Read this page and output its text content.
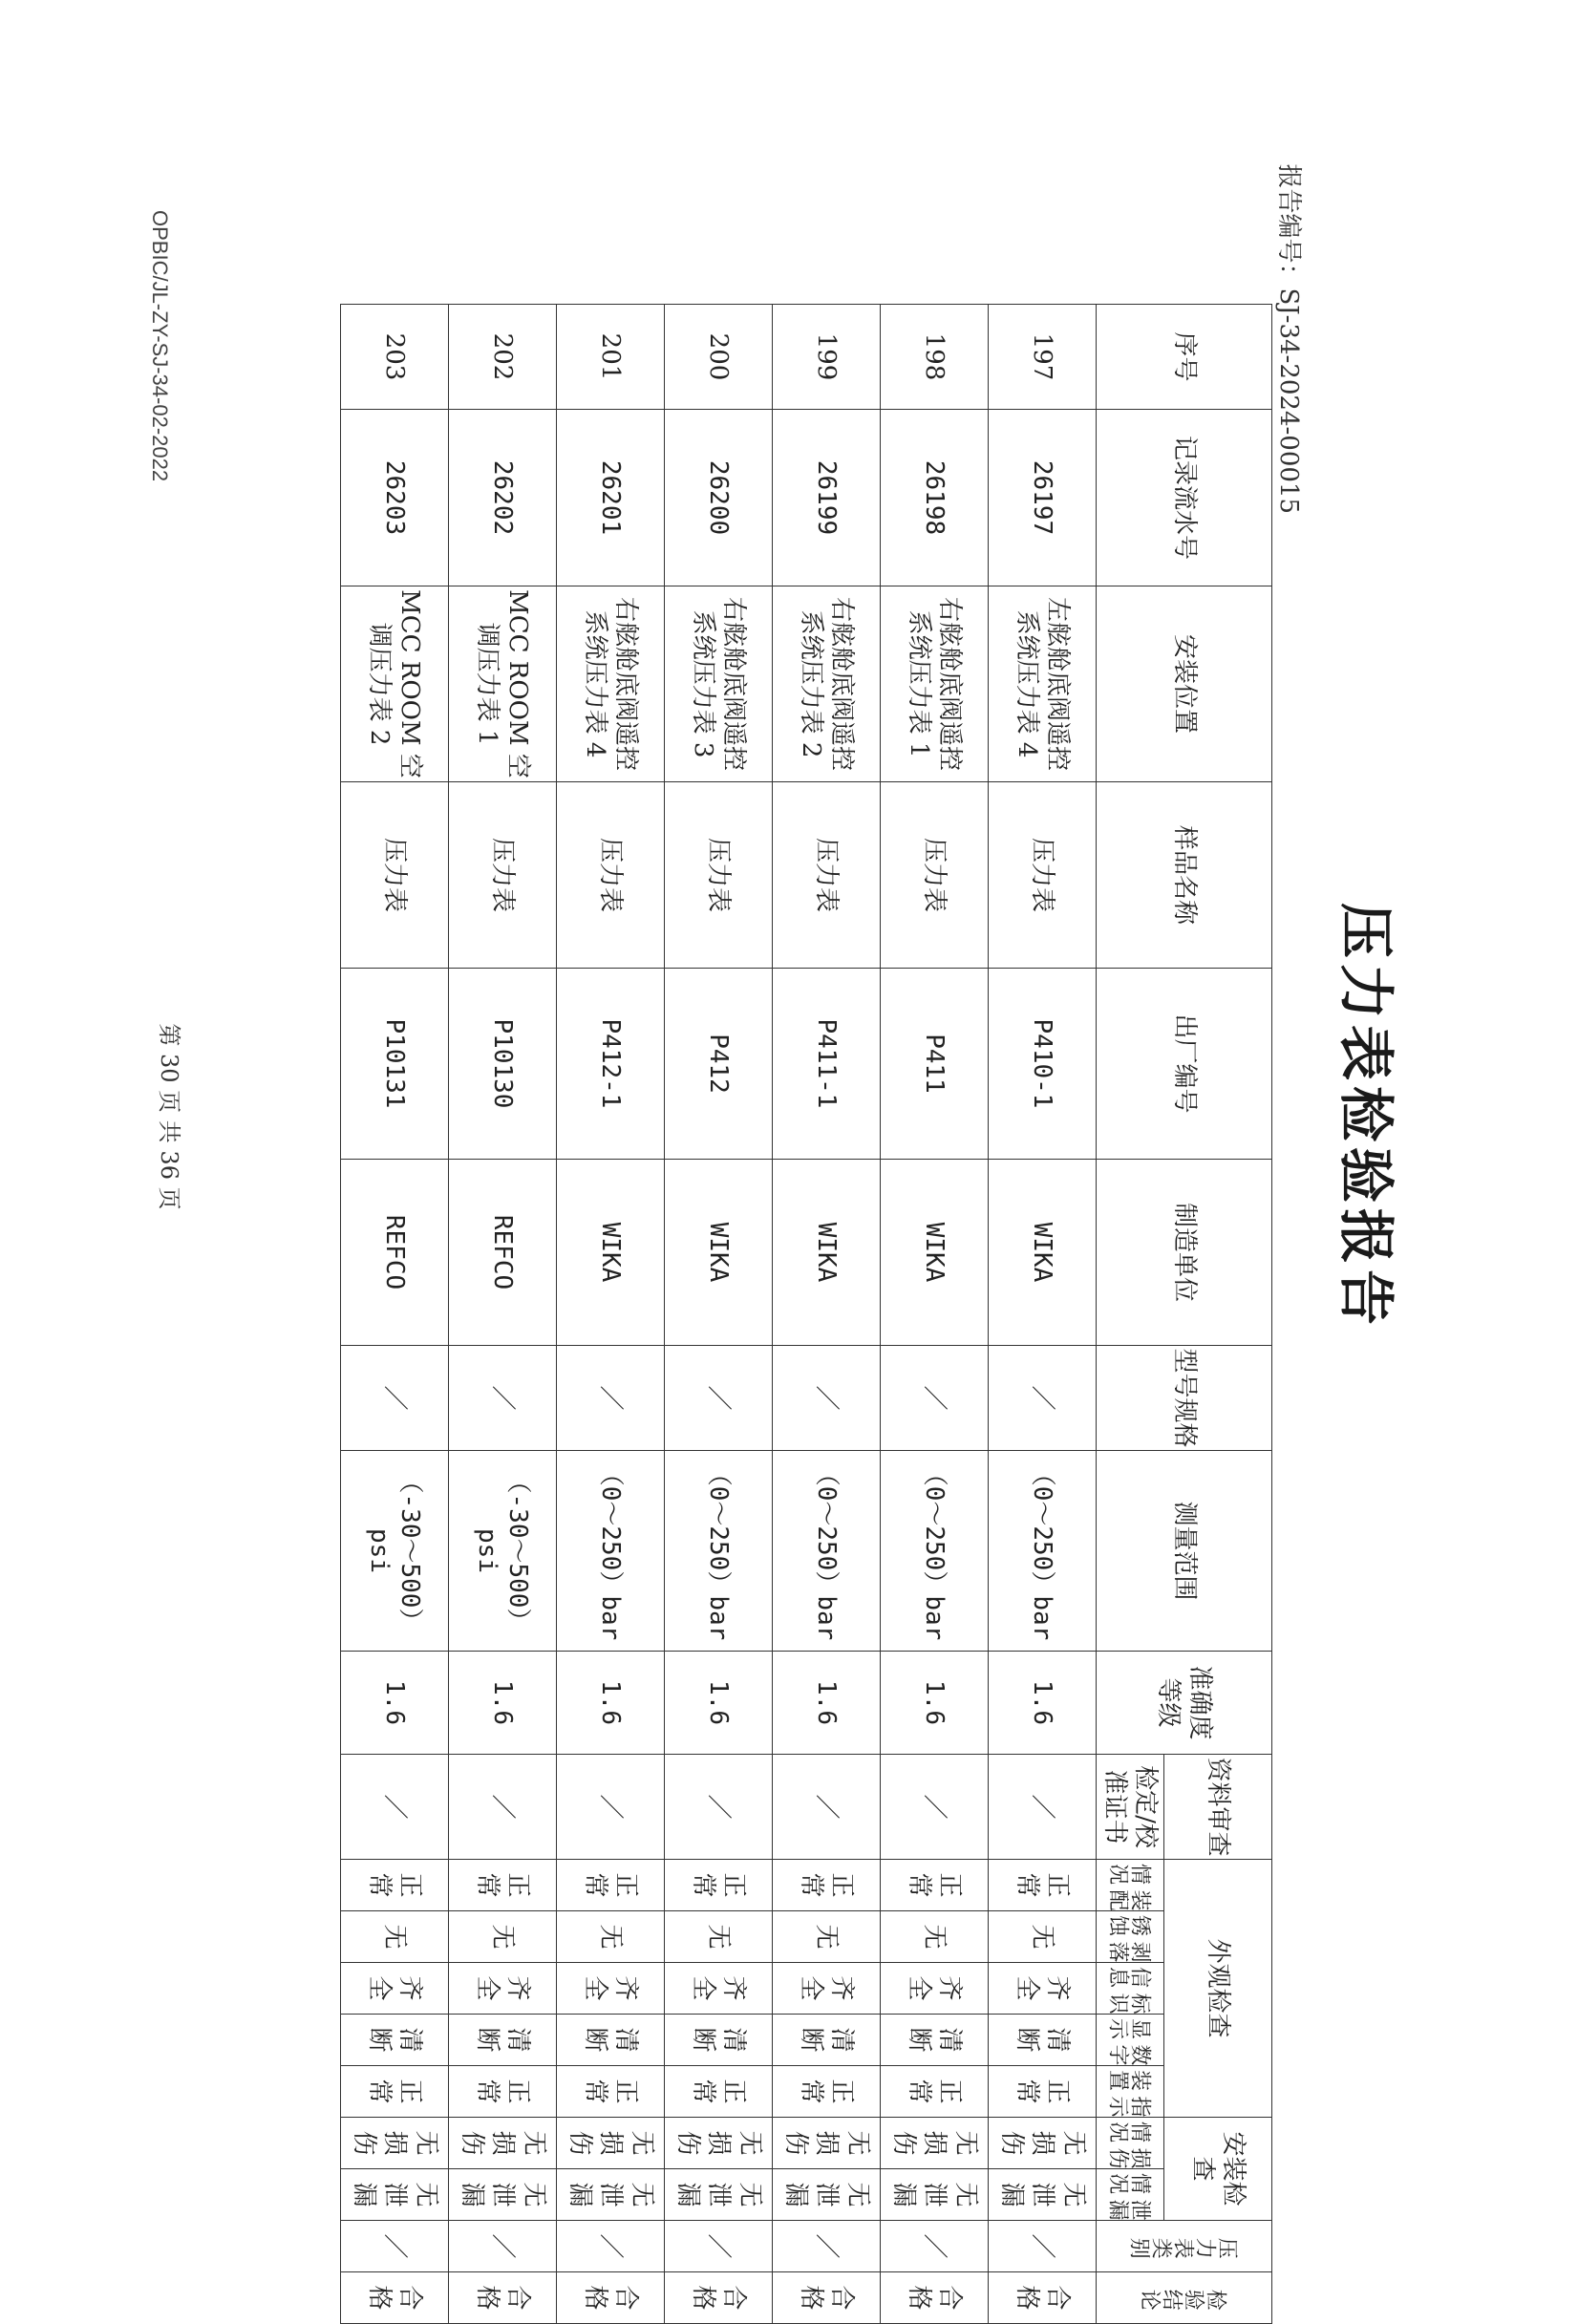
压力表检验报告
报告编号：SJ-34-2024-00015
OPBIC/JL-ZY-SJ-34-02-2022
第 30 页 共 36 页
序号	记录流水号	安装位置	样品名称	出厂编号	制造单位	型号规格	测量范围	准确度等级	资料审查	外观检查					安装检查		压力表类别	检验结论
									检定/校准证书	装配情况	剥落锈蚀	标识信息	数字显示	指示装置	损伤情况	泄漏情况		
197	26197	左舷舱底阀遥控系统压力表 4	压力表	P410-1	WIKA	／	（0～250）bar	1.6	／	正常	无	齐全	清断	正常	无损伤	无泄漏	／	合格
198	26198	右舷舱底阀遥控系统压力表 1	压力表	P411	WIKA	／	（0～250）bar	1.6	／	正常	无	齐全	清断	正常	无损伤	无泄漏	／	合格
199	26199	右舷舱底阀遥控系统压力表 2	压力表	P411-1	WIKA	／	（0～250）bar	1.6	／	正常	无	齐全	清断	正常	无损伤	无泄漏	／	合格
200	26200	右舷舱底阀遥控系统压力表 3	压力表	P412	WIKA	／	（0～250）bar	1.6	／	正常	无	齐全	清断	正常	无损伤	无泄漏	／	合格
201	26201	右舷舱底阀遥控系统压力表 4	压力表	P412-1	WIKA	／	（0～250）bar	1.6	／	正常	无	齐全	清断	正常	无损伤	无泄漏	／	合格
202	26202	MCC ROOM 空调压力表 1	压力表	P10130	REFCO	／	（-30～500）psi	1.6	／	正常	无	齐全	清断	正常	无损伤	无泄漏	／	合格
203	26203	MCC ROOM 空调压力表 2	压力表	P10131	REFCO	／	（-30～500）psi	1.6	／	正常	无	齐全	清断	正常	无损伤	无泄漏	／	合格
